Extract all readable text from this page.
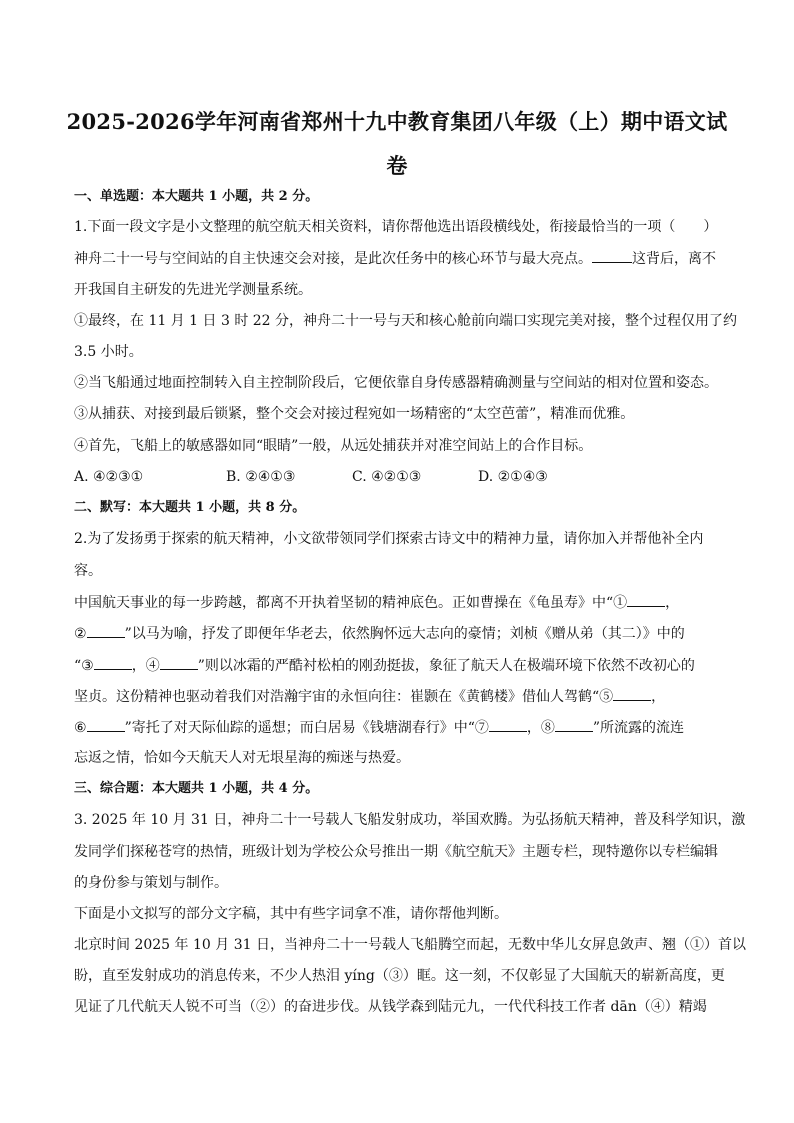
2025-2026学年河南省郑州十九中教育集团八年级（上）期中语文试
卷
一、单选题：本大题共 1 小题，共 2 分。
1.下面一段文字是小文整理的航空航天相关资料，请你帮他选出语段横线处，衔接最恰当的一项（　　）
神舟二十一号与空间站的自主快速交会对接，是此次任务中的核心环节与最大亮点。	这背后，离不
开我国自主研发的先进光学测量系统。
①最终，在 11 月 1 日 3 时 22 分，神舟二十一号与天和核心舱前向端口实现完美对接，整个过程仅用了约
3.5 小时。
②当飞船通过地面控制转入自主控制阶段后，它便依靠自身传感器精确测量与空间站的相对位置和姿态。
③从捕获、对接到最后锁紧，整个交会对接过程宛如一场精密的“太空芭蕾”，精准而优雅。
④首先，飞船上的敏感器如同“眼睛”一般，从远处捕获并对准空间站上的合作目标。
A. ④②③①	B. ②④①③	C. ④②①③	D. ②①④③
二、默写：本大题共 1 小题，共 8 分。
2.为了发扬勇于探索的航天精神，小文欲带领同学们探索古诗文中的精神力量，请你加入并帮他补全内
容。
中国航天事业的每一步跨越，都离不开执着坚韧的精神底色。正如曹操在《龟虽寿》中“①	，
②	”以马为喻，抒发了即便年华老去，依然胸怀远大志向的豪情；刘桢《赠从弟（其二）》中的
“③	，④	”则以冰霜的严酷衬松柏的刚劲挺拔，象征了航天人在极端环境下依然不改初心的
坚贞。这份精神也驱动着我们对浩瀚宇宙的永恒向往：崔颢在《黄鹤楼》借仙人驾鹤“⑤	，
⑥	”寄托了对天际仙踪的遥想；而白居易《钱塘湖春行》中“⑦	，⑧	”所流露的流连
忘返之情，恰如今天航天人对无垠星海的痴迷与热爱。
三、综合题：本大题共 1 小题，共 4 分。
3. 2025 年 10 月 31 日，神舟二十一号载人飞船发射成功，举国欢腾。为弘扬航天精神，普及科学知识，激
发同学们探秘苍穹的热情，班级计划为学校公众号推出一期《航空航天》主题专栏，现特邀你以专栏编辑
的身份参与策划与制作。
下面是小文拟写的部分文字稿，其中有些字词拿不准，请你帮他判断。
北京时间 2025 年 10 月 31 日，当神舟二十一号载人飞船腾空而起，无数中华儿女屏息敛声、翘（①）首以
盼，直至发射成功的消息传来，不少人热泪 yíng（③）眶。这一刻，不仅彰显了大国航天的崭新高度，更
见证了几代航天人锐不可当（②）的奋进步伐。从钱学森到陆元九，一代代科技工作者 dān（④）精竭
